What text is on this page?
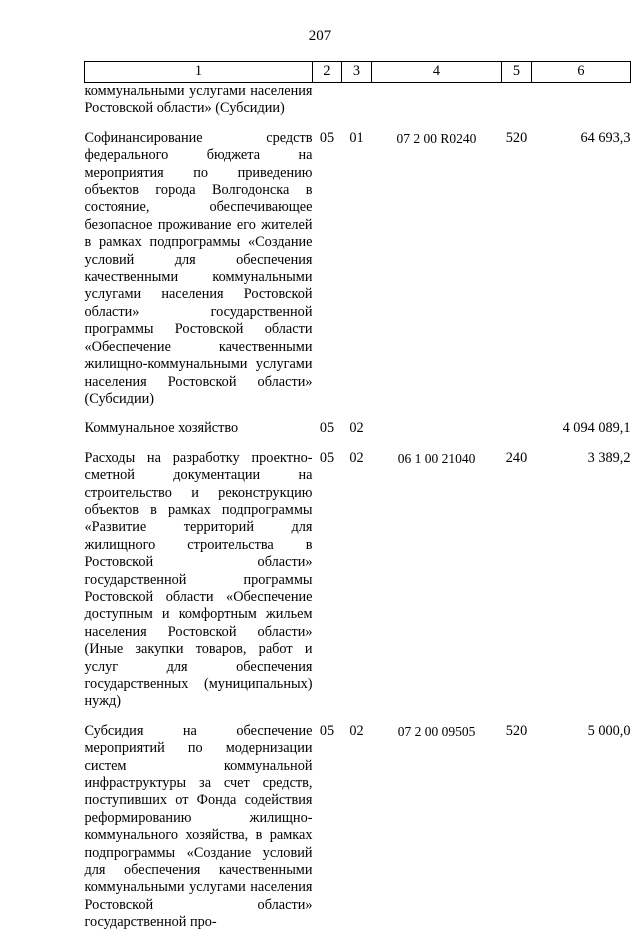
207
1	2	3	4	5	6
коммунальными услугами населения Ростовской области» (Субсидии)					
Софинансирование средств федерального бюджета на мероприятия по приведению объектов города Волгодонска в состояние, обеспечивающее безопасное проживание его жителей в рамках подпрограммы «Создание условий для обеспечения качественными коммунальными услугами населения Ростовской области» государственной программы Ростовской области «Обеспечение качественными жилищно-коммунальными услугами населения Ростовской области» (Субсидии)	05	01	07 2 00 R0240	520	64 693,3
Коммунальное хозяйство	05	02			4 094 089,1
Расходы на разработку проектно-сметной документации на строительство и реконструкцию объектов в рамках подпрограммы «Развитие территорий для жилищного строительства в Ростовской области» государственной программы Ростовской области «Обеспечение доступным и комфортным жильем населения Ростовской области» (Иные закупки товаров, работ и услуг для обеспечения государственных (муниципальных) нужд)	05	02	06 1 00 21040	240	3 389,2
Субсидия на обеспечение мероприятий по модернизации систем коммунальной инфраструктуры за счет средств, поступивших от Фонда содействия реформированию жилищно-коммунального хозяйства, в рамках подпрограммы «Создание условий для обеспечения качественными коммунальными услугами населения Ростовской области» государственной про-	05	02	07 2 00 09505	520	5 000,0
